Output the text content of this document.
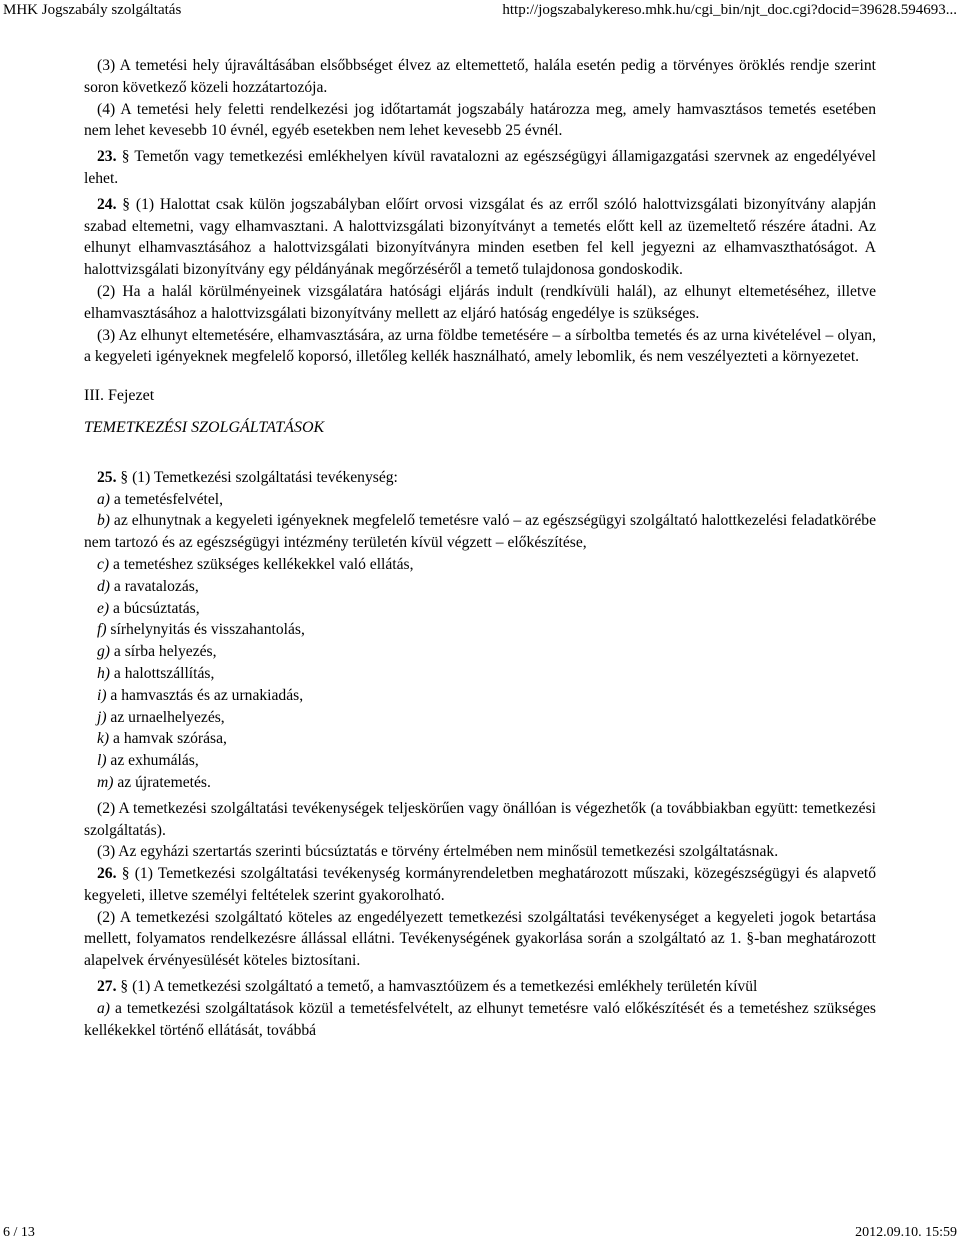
MHK Jogszabály szolgáltatás	http://jogszabalykereso.mhk.hu/cgi_bin/njt_doc.cgi?docid=39628.594693...

(3) A temetési hely újraváltásában elsőbbséget élvez az eltemettető, halála esetén pedig a törvényes öröklés rendje szerint soron következő közeli hozzátartozója.

(4) A temetési hely feletti rendelkezési jog időtartamát jogszabály határozza meg, amely hamvasztásos temetés esetében nem lehet kevesebb 10 évnél, egyéb esetekben nem lehet kevesebb 25 évnél.

23. § Temetőn vagy temetkezési emlékhelyen kívül ravatalozni az egészségügyi államigazgatási szervnek az engedélyével lehet.

24. § (1) Halottat csak külön jogszabályban előírt orvosi vizsgálat és az erről szóló halottvizsgálati bizonyítvány alapján szabad eltemetni, vagy elhamvasztani. A halottvizsgálati bizonyítványt a temetés előtt kell az üzemeltető részére átadni. Az elhunyt elhamvasztásához a halottvizsgálati bizonyítványra minden esetben fel kell jegyezni az elhamvaszthatóságot. A halottvizsgálati bizonyítvány egy példányának megőrzéséről a temető tulajdonosa gondoskodik.

(2) Ha a halál körülményeinek vizsgálatára hatósági eljárás indult (rendkívüli halál), az elhunyt eltemetéséhez, illetve elhamvasztásához a halottvizsgálati bizonyítvány mellett az eljáró hatóság engedélye is szükséges.

(3) Az elhunyt eltemetésére, elhamvasztására, az urna földbe temetésére – a sírboltba temetés és az urna kivételével – olyan, a kegyeleti igényeknek megfelelő koporsó, illetőleg kellék használható, amely lebomlik, és nem veszélyezteti a környezetet.

III. Fejezet

TEMETKEZÉSI SZOLGÁLTATÁSOK

25. § (1) Temetkezési szolgáltatási tevékenység:

a) a temetésfelvétel,

b) az elhunytnak a kegyeleti igényeknek megfelelő temetésre való – az egészségügyi szolgáltató halottkezelési feladatkörébe nem tartozó és az egészségügyi intézmény területén kívül végzett – előkészítése,

c) a temetéshez szükséges kellékekkel való ellátás,

d) a ravatalozás,

e) a búcsúztatás,

f) sírhelynyitás és visszahantolás,

g) a sírba helyezés,

h) a halottszállítás,

i) a hamvasztás és az urnakiadás,

j) az urnaelhelyezés,

k) a hamvak szórása,

l) az exhumálás,

m) az újratemetés.

(2) A temetkezési szolgáltatási tevékenységek teljeskörűen vagy önállóan is végezhetők (a továbbiakban együtt: temetkezési szolgáltatás).

(3) Az egyházi szertartás szerinti búcsúztatás e törvény értelmében nem minősül temetkezési szolgáltatásnak.

26. § (1) Temetkezési szolgáltatási tevékenység kormányrendeletben meghatározott műszaki, közegészségügyi és alapvető kegyeleti, illetve személyi feltételek szerint gyakorolható.

(2) A temetkezési szolgáltató köteles az engedélyezett temetkezési szolgáltatási tevékenységet a kegyeleti jogok betartása mellett, folyamatos rendelkezésre állással ellátni. Tevékenységének gyakorlása során a szolgáltató az 1. §-ban meghatározott alapelvek érvényesülését köteles biztosítani.

27. § (1) A temetkezési szolgáltató a temető, a hamvasztóüzem és a temetkezési emlékhely területén kívül

a) a temetkezési szolgáltatások közül a temetésfelvételt, az elhunyt temetésre való előkészítését és a temetéshez szükséges kellékekkel történő ellátását, továbbá

6 / 13	2012.09.10. 15:59
